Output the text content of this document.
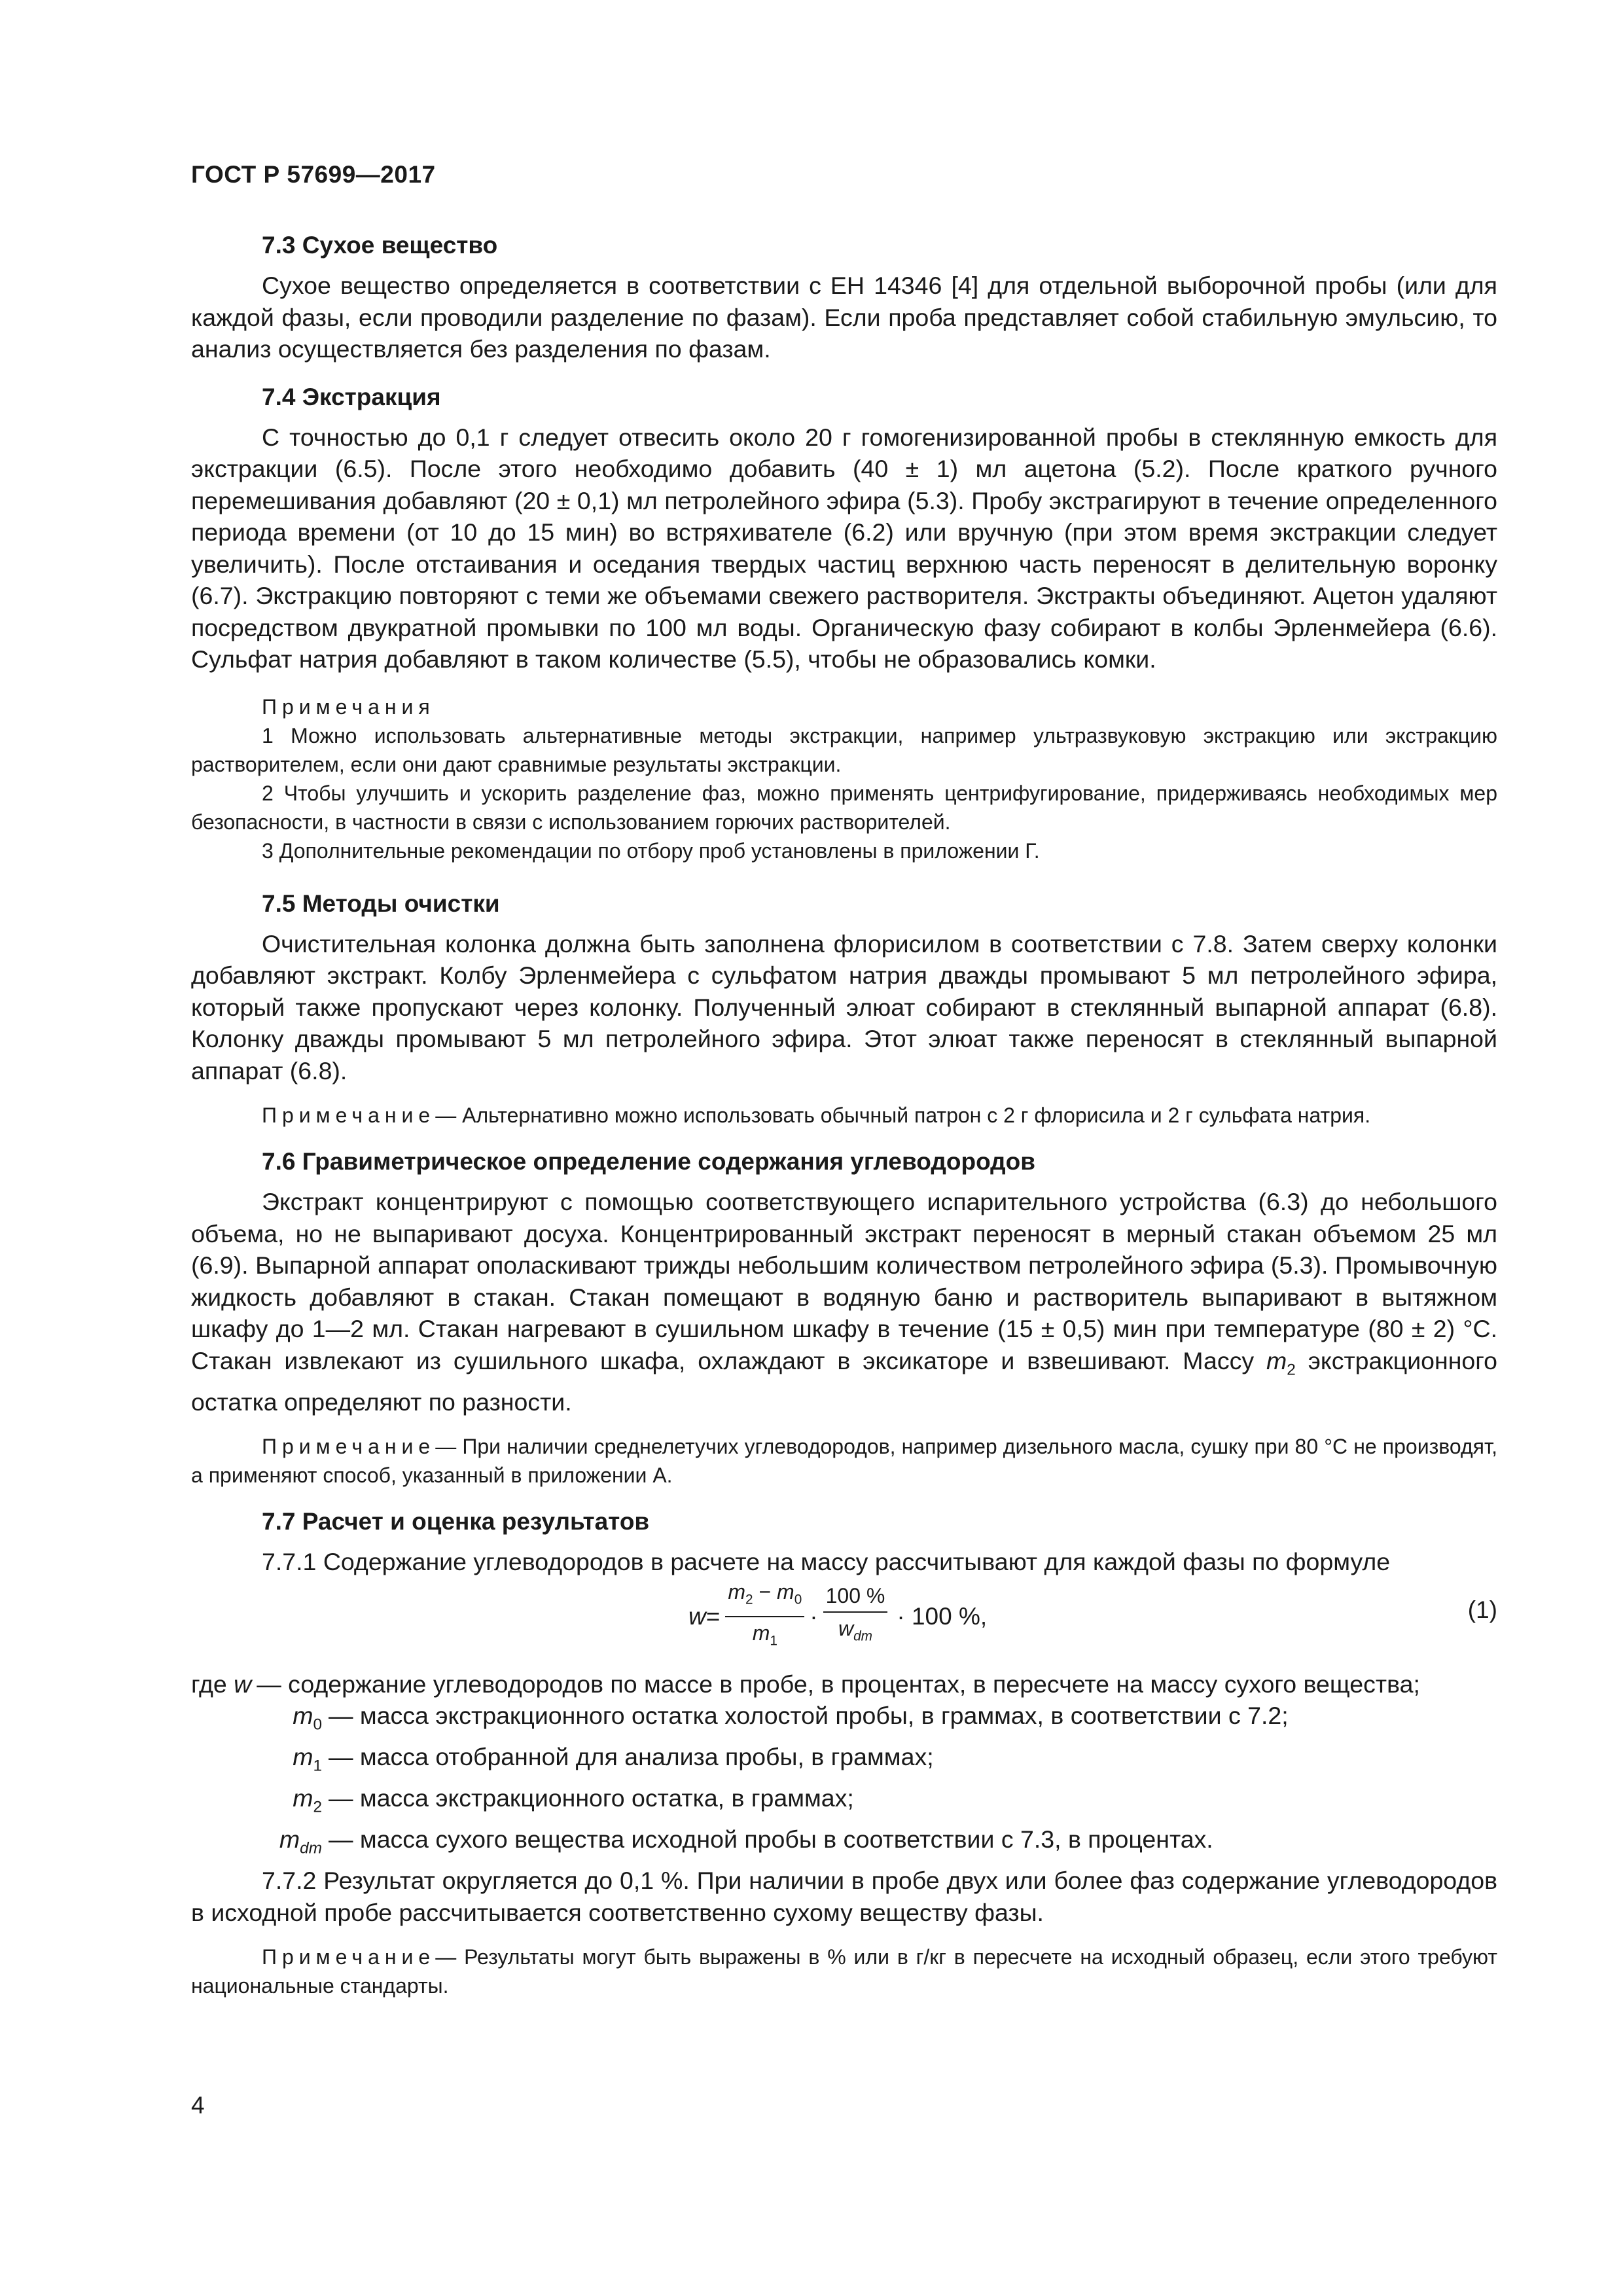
ГОСТ Р 57699—2017
7.3 Сухое вещество

Сухое вещество определяется в соответствии с ЕН 14346 [4] для отдельной выборочной пробы (или для каждой фазы, если проводили разделение по фазам). Если проба представляет собой стабильную эмульсию, то анализ осуществляется без разделения по фазам.

7.4 Экстракция

С точностью до 0,1 г следует отвесить около 20 г гомогенизированной пробы в стеклянную емкость для экстракции (6.5). После этого необходимо добавить (40 ± 1) мл ацетона (5.2). После краткого ручного перемешивания добавляют (20 ± 0,1) мл петролейного эфира (5.3). Пробу экстрагируют в течение определенного периода времени (от 10 до 15 мин) во встряхивателе (6.2) или вручную (при этом время экстракции следует увеличить). После отстаивания и оседания твердых частиц верхнюю часть переносят в делительную воронку (6.7). Экстракцию повторяют с теми же объемами свежего растворителя. Экстракты объединяют. Ацетон удаляют посредством двукратной промывки по 100 мл воды. Органическую фазу собирают в колбы Эрленмейера (6.6). Сульфат натрия добавляют в таком количестве (5.5), чтобы не образовались комки.

Примечания

1 Можно использовать альтернативные методы экстракции, например ультразвуковую экстракцию или экстракцию растворителем, если они дают сравнимые результаты экстракции.

2 Чтобы улучшить и ускорить разделение фаз, можно применять центрифугирование, придерживаясь необходимых мер безопасности, в частности в связи с использованием горючих растворителей.

3 Дополнительные рекомендации по отбору проб установлены в приложении Г.

7.5 Методы очистки

Очистительная колонка должна быть заполнена флорисилом в соответствии с 7.8. Затем сверху колонки добавляют экстракт. Колбу Эрленмейера с сульфатом натрия дважды промывают 5 мл петролейного эфира, который также пропускают через колонку. Полученный элюат собирают в стеклянный выпарной аппарат (6.8). Колонку дважды промывают 5 мл петролейного эфира. Этот элюат также переносят в стеклянный выпарной аппарат (6.8).

Примечание— Альтернативно можно использовать обычный патрон с 2 г флорисила и 2 г сульфата натрия.

7.6 Гравиметрическое определение содержания углеводородов

Экстракт концентрируют с помощью соответствующего испарительного устройства (6.3) до небольшого объема, но не выпаривают досуха. Концентрированный экстракт переносят в мерный стакан объемом 25 мл (6.9). Выпарной аппарат ополаскивают трижды небольшим количеством петролейного эфира (5.3). Промывочную жидкость добавляют в стакан. Стакан помещают в водяную баню и растворитель выпаривают в вытяжном шкафу до 1—2 мл. Стакан нагревают в сушильном шкафу в течение (15 ± 0,5) мин при температуре (80 ± 2) °С. Стакан извлекают из сушильного шкафа, охлаждают в эксикаторе и взвешивают. Массу $m_2$ экстракционного остатка определяют по разности.

Примечание— При наличии среднелетучих углеводородов, например дизельного масла, сушку при 80 °С не производят, а применяют способ, указанный в приложении А.

7.7 Расчет и оценка результатов

7.7.1 Содержание углеводородов в расчете на массу рассчитывают для каждой фазы по формуле

$w = \frac{m_2 - m_0}{m_1} \cdot \frac{100 \%}{w_{dm}} \cdot 100$ %,	(1)
где w — содержание углеводородов по массе в пробе, в процентах, в пересчете на массу сухого вещества;
$m_0$ — масса экстракционного остатка холостой пробы, в граммах, в соответствии с 7.2;
$m_1$ — масса отобранной для анализа пробы, в граммах;
$m_2$ — масса экстракционного остатка, в граммах;
$m_{dm}$ — масса сухого вещества исходной пробы в соответствии с 7.3, в процентах.

7.7.2 Результат округляется до 0,1 %. При наличии в пробе двух или более фаз содержание углеводородов в исходной пробе рассчитывается соответственно сухому веществу фазы.

Примечание— Результаты могут быть выражены в % или в г/кг в пересчете на исходный образец, если этого требуют национальные стандарты.

4
